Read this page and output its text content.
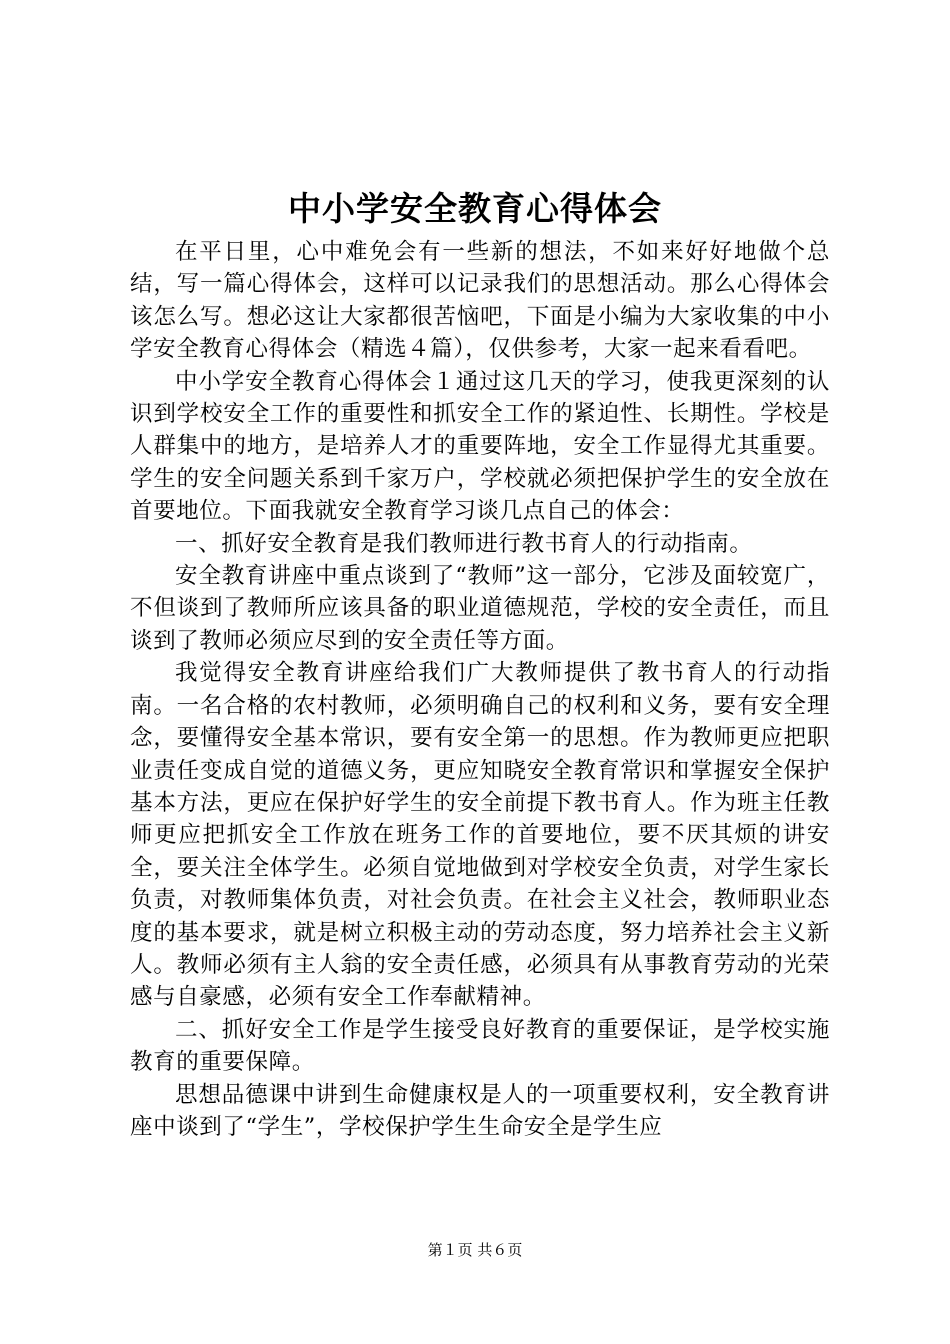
中小学安全教育心得体会

在平日里，心中难免会有一些新的想法，不如来好好地做个总结，写一篇心得体会，这样可以记录我们的思想活动。那么心得体会该怎么写。想必这让大家都很苦恼吧，下面是小编为大家收集的中小学安全教育心得体会（精选４篇），仅供参考，大家一起来看看吧。

中小学安全教育心得体会１通过这几天的学习，使我更深刻的认识到学校安全工作的重要性和抓安全工作的紧迫性、长期性。学校是人群集中的地方，是培养人才的重要阵地，安全工作显得尤其重要。学生的安全问题关系到千家万户，学校就必须把保护学生的安全放在首要地位。下面我就安全教育学习谈几点自己的体会：

一、抓好安全教育是我们教师进行教书育人的行动指南。

安全教育讲座中重点谈到了“教师”这一部分，它涉及面较宽广，不但谈到了教师所应该具备的职业道德规范，学校的安全责任，而且谈到了教师必须应尽到的安全责任等方面。

我觉得安全教育讲座给我们广大教师提供了教书育人的行动指南。一名合格的农村教师，必须明确自己的权利和义务，要有安全理念，要懂得安全基本常识，要有安全第一的思想。作为教师更应把职业责任变成自觉的道德义务，更应知晓安全教育常识和掌握安全保护基本方法，更应在保护好学生的安全前提下教书育人。作为班主任教师更应把抓安全工作放在班务工作的首要地位，要不厌其烦的讲安全，要关注全体学生。必须自觉地做到对学校安全负责，对学生家长负责，对教师集体负责，对社会负责。在社会主义社会，教师职业态度的基本要求，就是树立积极主动的劳动态度，努力培养社会主义新人。教师必须有主人翁的安全责任感，必须具有从事教育劳动的光荣感与自豪感，必须有安全工作奉献精神。

二、抓好安全工作是学生接受良好教育的重要保证，是学校实施教育的重要保障。

思想品德课中讲到生命健康权是人的一项重要权利，安全教育讲座中谈到了“学生”，学校保护学生生命安全是学生应

第１页 共６页
